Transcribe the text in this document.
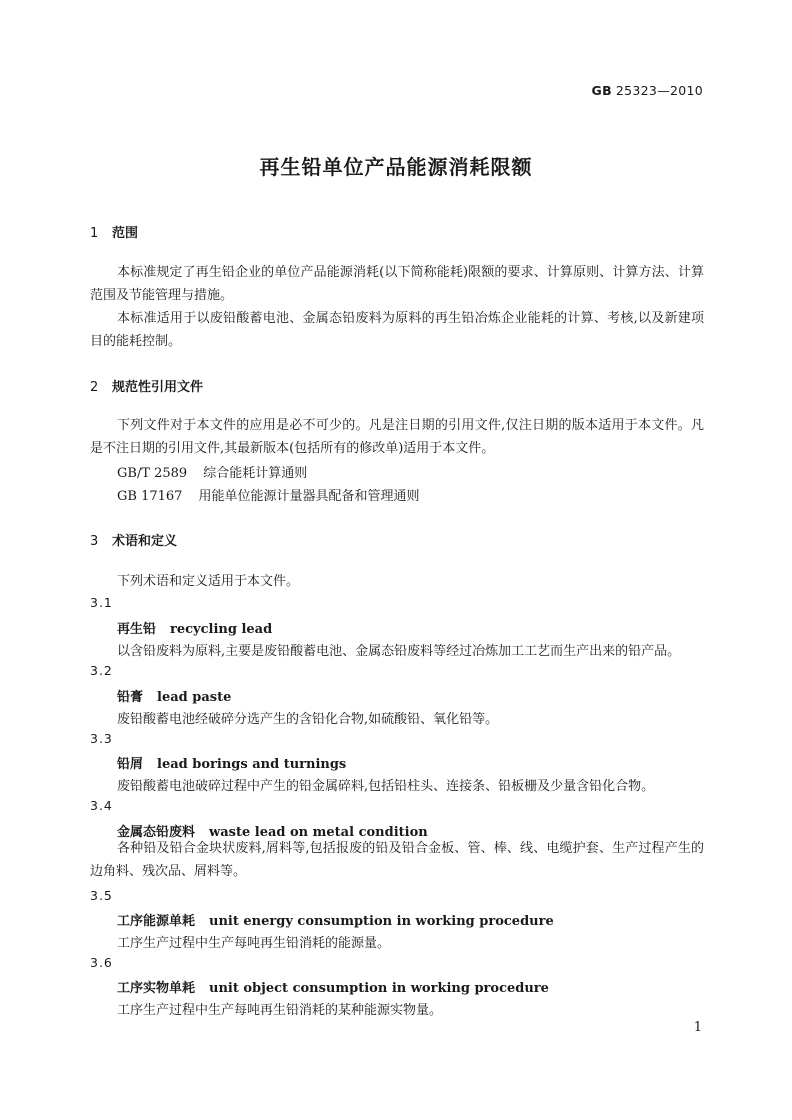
GB 25323—2010
再生铅单位产品能源消耗限额
1 范围
本标准规定了再生铅企业的单位产品能源消耗(以下简称能耗)限额的要求、计算原则、计算方法、计算范围及节能管理与措施。
本标准适用于以废铅酸蓄电池、金属态铅废料为原料的再生铅冶炼企业能耗的计算、考核,以及新建项目的能耗控制。
2 规范性引用文件
下列文件对于本文件的应用是必不可少的。凡是注日期的引用文件,仅注日期的版本适用于本文件。凡是不注日期的引用文件,其最新版本(包括所有的修改单)适用于本文件。
GB/T 2589 综合能耗计算通则
GB 17167 用能单位能源计量器具配备和管理通则
3 术语和定义
下列术语和定义适用于本文件。
3.1
再生铅 recycling lead
以含铅废料为原料,主要是废铅酸蓄电池、金属态铅废料等经过冶炼加工工艺而生产出来的铅产品。
3.2
铅膏 lead paste
废铅酸蓄电池经破碎分选产生的含铅化合物,如硫酸铅、氧化铅等。
3.3
铅屑 lead borings and turnings
废铅酸蓄电池破碎过程中产生的铅金属碎料,包括铅柱头、连接条、铅板栅及少量含铅化合物。
3.4
金属态铅废料 waste lead on metal condition
各种铅及铅合金块状废料,屑料等,包括报废的铅及铅合金板、管、棒、线、电缆护套、生产过程产生的边角料、残次品、屑料等。
3.5
工序能源单耗 unit energy consumption in working procedure
工序生产过程中生产每吨再生铅消耗的能源量。
3.6
工序实物单耗 unit object consumption in working procedure
工序生产过程中生产每吨再生铅消耗的某种能源实物量。
1
